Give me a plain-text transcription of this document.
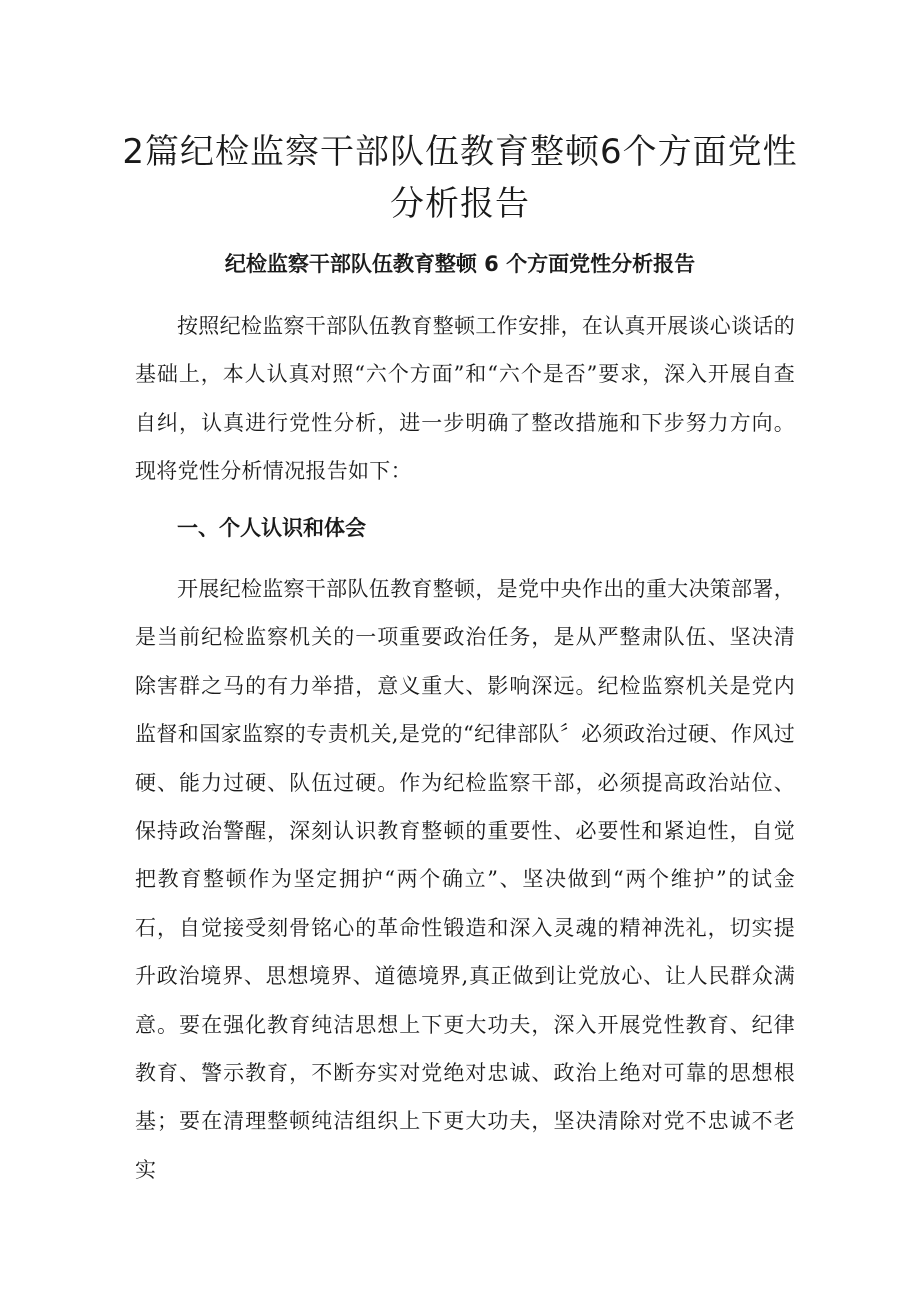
2篇纪检监察干部队伍教育整顿6个方面党性分析报告
纪检监察干部队伍教育整顿 6 个方面党性分析报告

按照纪检监察干部队伍教育整顿工作安排，在认真开展谈心谈话的基础上，本人认真对照“六个方面”和“六个是否”要求，深入开展自查自纠，认真进行党性分析，进一步明确了整改措施和下步努力方向。现将党性分析情况报告如下：

一、个人认识和体会

开展纪检监察干部队伍教育整顿，是党中央作出的重大决策部署，是当前纪检监察机关的一项重要政治任务，是从严整肃队伍、坚决清除害群之马的有力举措，意义重大、影响深远。纪检监察机关是党内监督和国家监察的专责机关,是党的“纪律部队〞必须政治过硬、作风过硬、能力过硬、队伍过硬。作为纪检监察干部，必须提高政治站位、保持政治警醒，深刻认识教育整顿的重要性、必要性和紧迫性，自觉把教育整顿作为坚定拥护“两个确立”、坚决做到“两个维护”的试金石，自觉接受刻骨铭心的革命性锻造和深入灵魂的精神洗礼，切实提升政治境界、思想境界、道德境界,真正做到让党放心、让人民群众满意。要在强化教育纯洁思想上下更大功夫，深入开展党性教育、纪律教育、警示教育，不断夯实对党绝对忠诚、政治上绝对可靠的思想根基；要在清理整顿纯洁组织上下更大功夫，坚决清除对党不忠诚不老实
